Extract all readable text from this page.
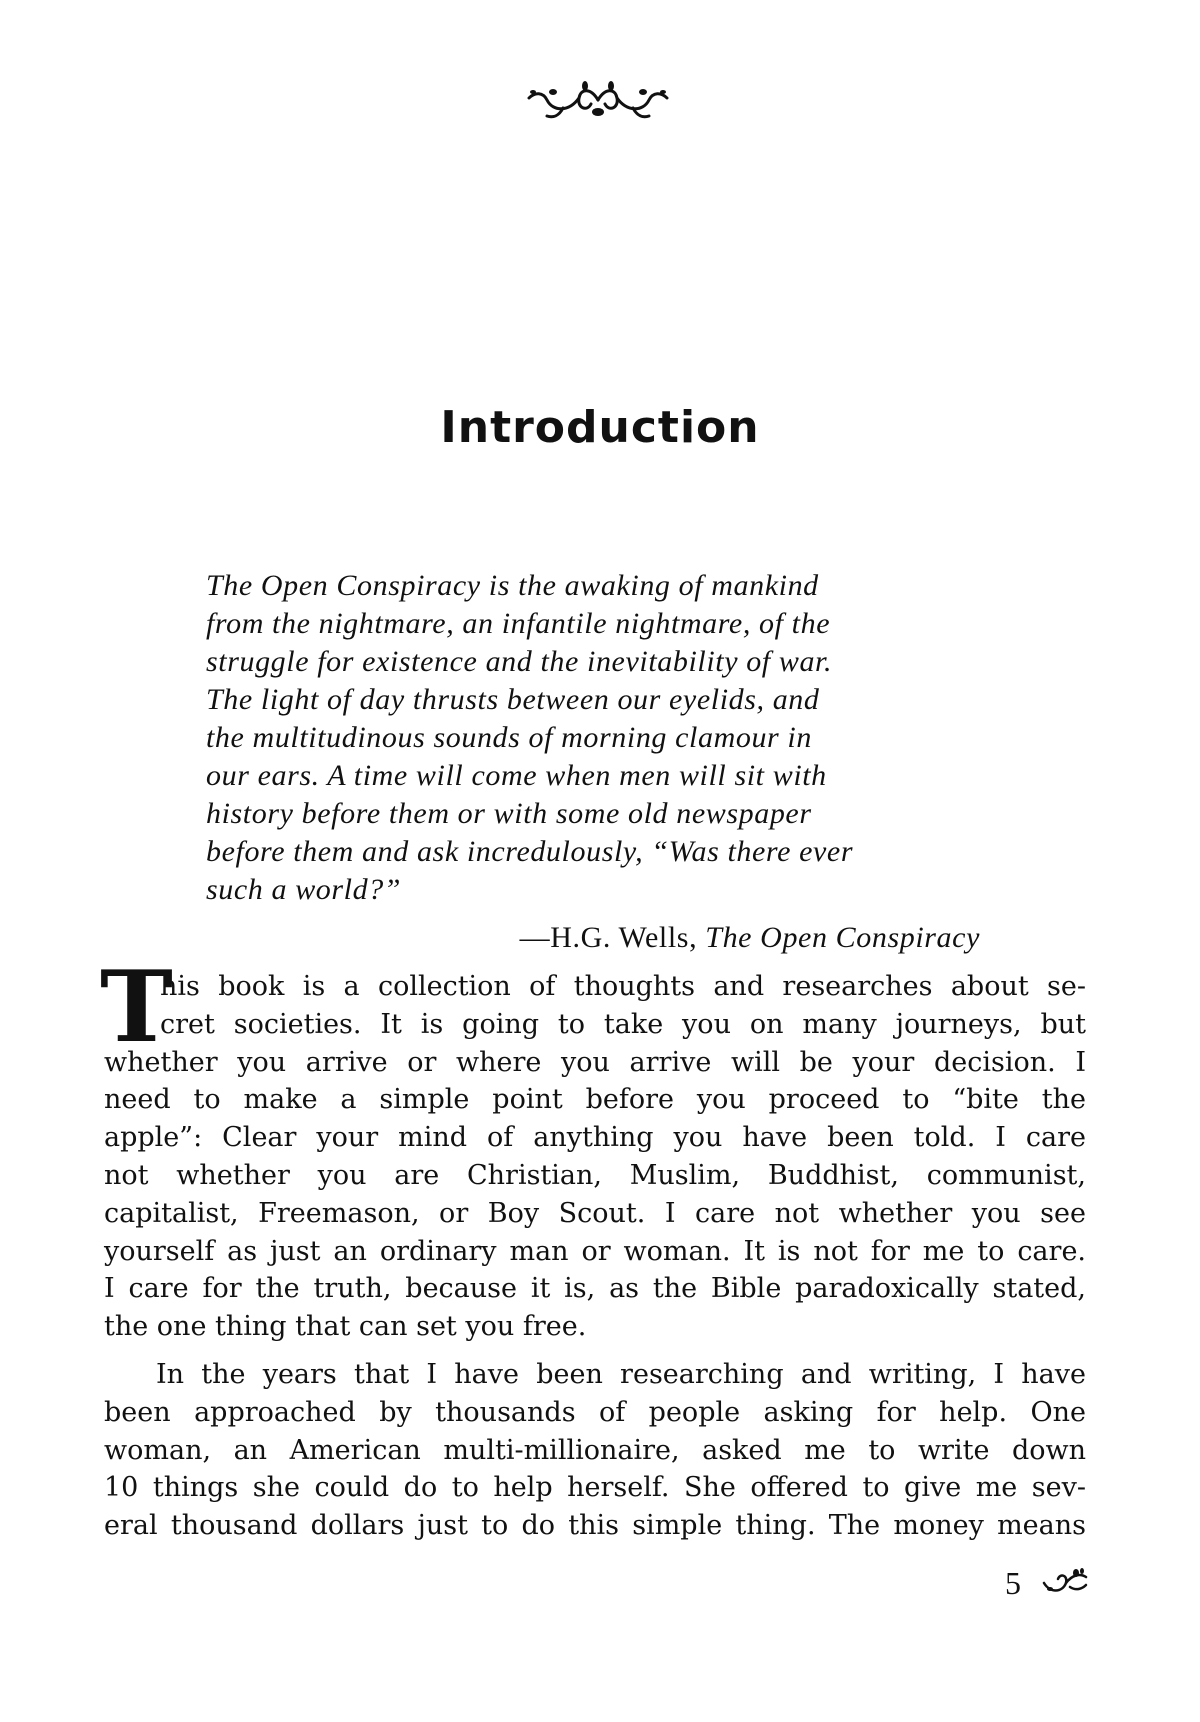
Introduction
The Open Conspiracy is the awaking of mankind
from the nightmare, an infantile nightmare, of the
struggle for existence and the inevitability of war.
The light of day thrusts between our eyelids, and
the multitudinous sounds of morning clamour in
our ears. A time will come when men will sit with
history before them or with some old newspaper
before them and ask incredulously, “Was there ever
such a world?”
—H.G. Wells, The Open Conspiracy
T
his book is a collection of thoughts and researches about se-
cret societies. It is going to take you on many journeys, but
whether you arrive or where you arrive will be your decision. I
need to make a simple point before you proceed to “bite the
apple”: Clear your mind of anything you have been told. I care
not whether you are Christian, Muslim, Buddhist, communist,
capitalist, Freemason, or Boy Scout. I care not whether you see
yourself as just an ordinary man or woman. It is not for me to care.
I care for the truth, because it is, as the Bible paradoxically stated,
the one thing that can set you free.
In the years that I have been researching and writing, I have
been approached by thousands of people asking for help. One
woman, an American multi-millionaire, asked me to write down
10 things she could do to help herself. She offered to give me sev-
eral thousand dollars just to do this simple thing. The money means
5
